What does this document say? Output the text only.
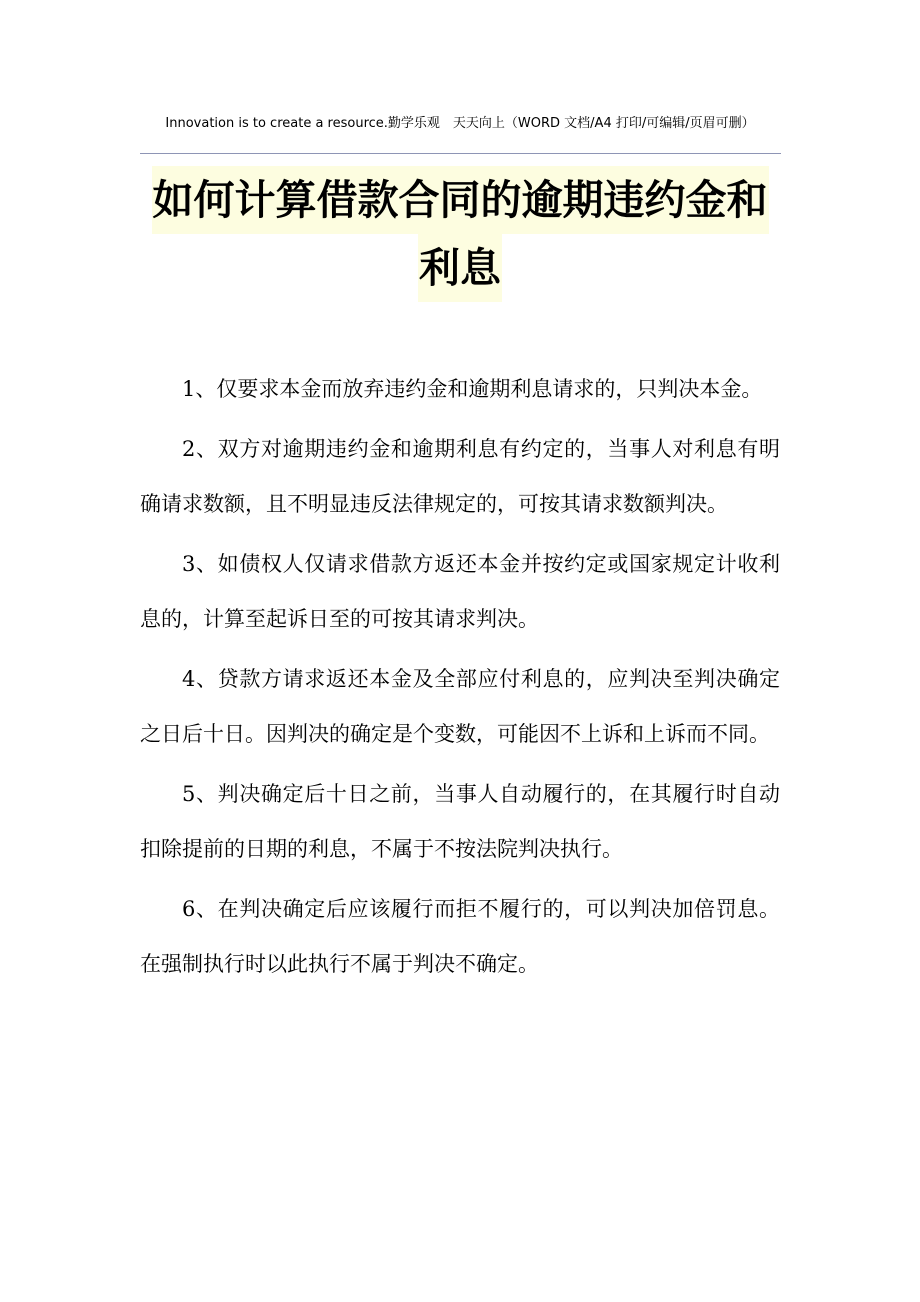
Innovation is to create a resource.勤学乐观　天天向上（WORD 文档/A4 打印/可编辑/页眉可删）
如何计算借款合同的逾期违约金和
利息

1、仅要求本金而放弃违约金和逾期利息请求的，只判决本金。

2、双方对逾期违约金和逾期利息有约定的，当事人对利息有明确请求数额，且不明显违反法律规定的，可按其请求数额判决。

3、如债权人仅请求借款方返还本金并按约定或国家规定计收利息的，计算至起诉日至的可按其请求判决。

4、贷款方请求返还本金及全部应付利息的，应判决至判决确定之日后十日。因判决的确定是个变数，可能因不上诉和上诉而不同。

5、判决确定后十日之前，当事人自动履行的，在其履行时自动扣除提前的日期的利息，不属于不按法院判决执行。

6、在判决确定后应该履行而拒不履行的，可以判决加倍罚息。在强制执行时以此执行不属于判决不确定。
